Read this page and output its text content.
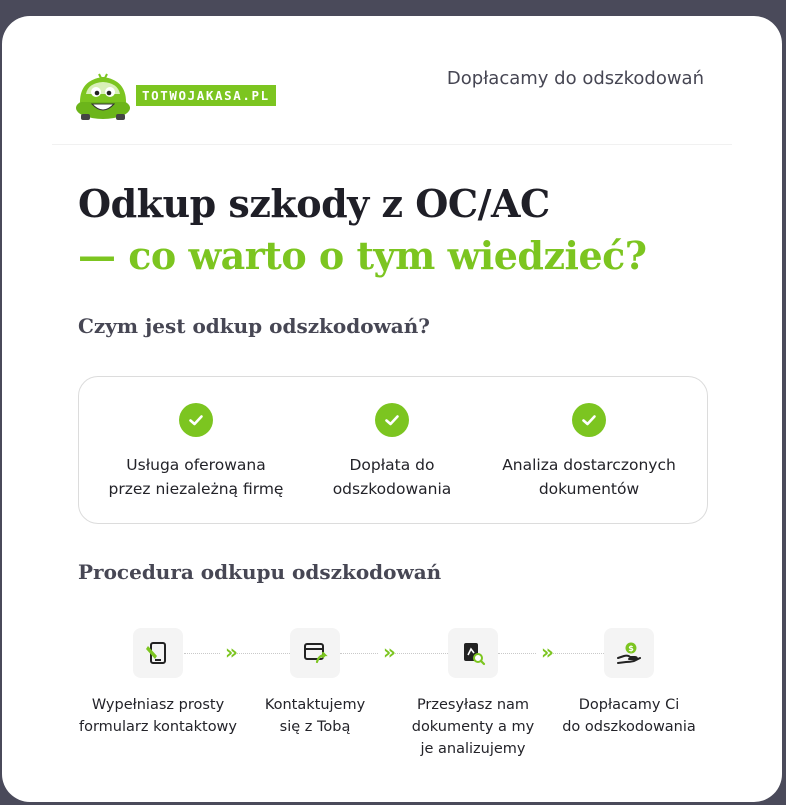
TOTWOJAKASA.PL
Dopłacamy do odszkodowań
Odkup szkody z OC/AC
— co warto o tym wiedzieć?
Czym jest odkup odszkodowań?
Usługa oferowana
przez niezależną firmę
Dopłata do
odszkodowania
Analiza dostarczonych
dokumentów
Procedura odkupu odszkodowań
»	»	»
Wypełniasz prosty
formularz kontaktowy
Kontaktujemy
się z Tobą
Przesyłasz nam
dokumenty a my
je analizujemy
$
Dopłacamy Ci
do odszkodowania
